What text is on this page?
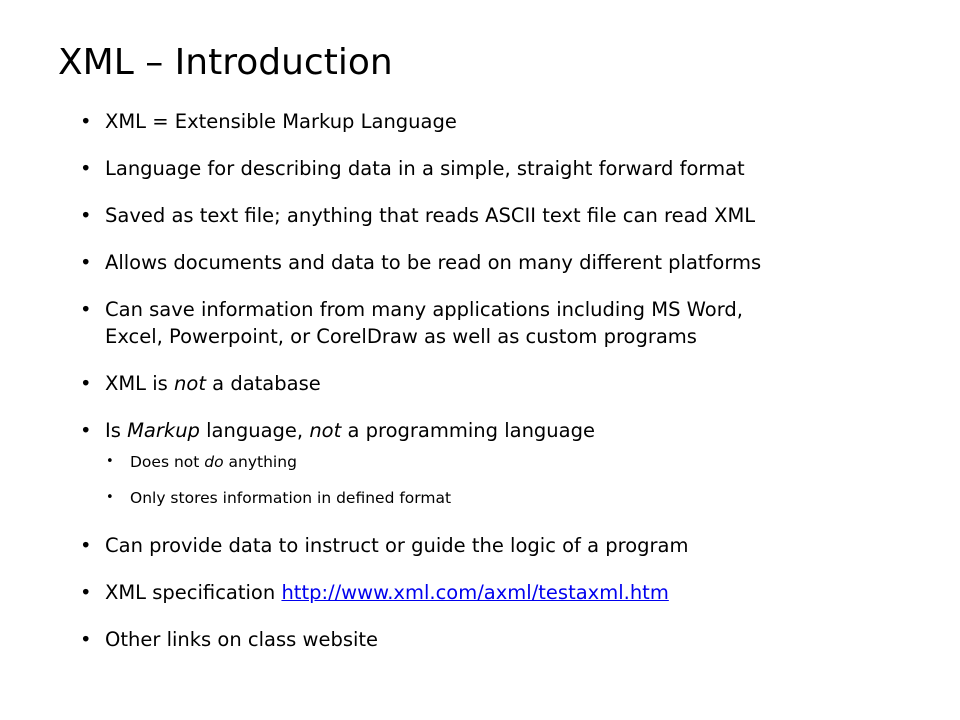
XML – Introduction
• XML = Extensible Markup Language
• Language for describing data in a simple, straight forward format
• Saved as text file; anything that reads ASCII text file can read XML
• Allows documents and data to be read on many different platforms
• Can save information from many applications including MS Word,
Excel, Powerpoint, or CorelDraw as well as custom programs
• XML is not a database
• Is Markup language, not a programming language
• Does not do anything
• Only stores information in defined format
• Can provide data to instruct or guide the logic of a program
• XML specification http://www.xml.com/axml/testaxml.htm
• Other links on class website
